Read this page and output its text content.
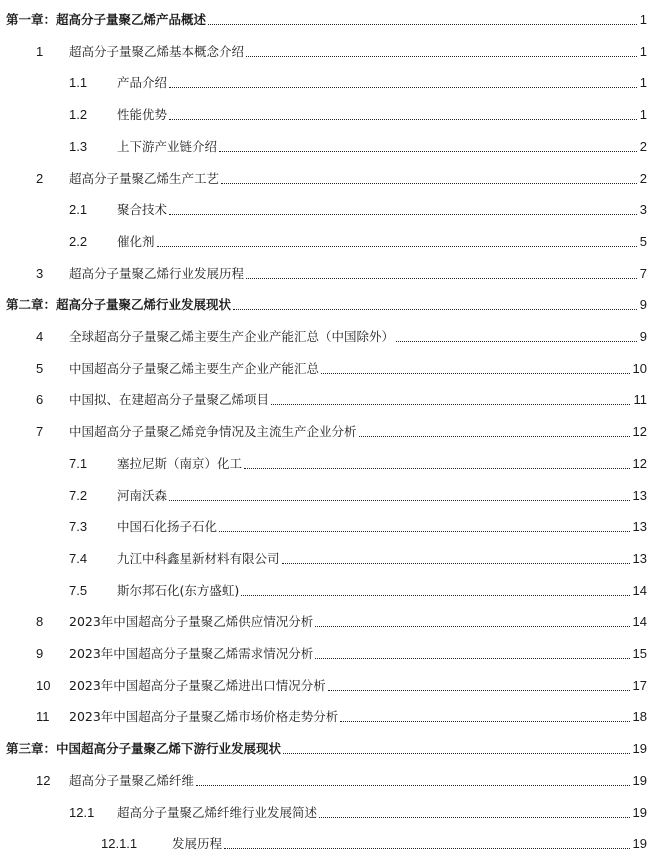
第一章：超高分子量聚乙烯产品概述	1
1 超高分子量聚乙烯基本概念介绍	1
1.1 产品介绍	1
1.2 性能优势	1
1.3 上下游产业链介绍	2
2 超高分子量聚乙烯生产工艺	2
2.1 聚合技术	3
2.2 催化剂	5
3 超高分子量聚乙烯行业发展历程	7
第二章：超高分子量聚乙烯行业发展现状	9
4 全球超高分子量聚乙烯主要生产企业产能汇总（中国除外）	9
5 中国超高分子量聚乙烯主要生产企业产能汇总	10
6 中国拟、在建超高分子量聚乙烯项目	11
7 中国超高分子量聚乙烯竞争情况及主流生产企业分析	12
7.1 塞拉尼斯（南京）化工	12
7.2 河南沃森	13
7.3 中国石化扬子石化	13
7.4 九江中科鑫星新材料有限公司	13
7.5 斯尔邦石化(东方盛虹)	14
8 2023年中国超高分子量聚乙烯供应情况分析	14
9 2023年中国超高分子量聚乙烯需求情况分析	15
10 2023年中国超高分子量聚乙烯进出口情况分析	17
11 2023年中国超高分子量聚乙烯市场价格走势分析	18
第三章：中国超高分子量聚乙烯下游行业发展现状	19
12 超高分子量聚乙烯纤维	19
12.1 超高分子量聚乙烯纤维行业发展简述	19
12.1.1	发展历程	19
